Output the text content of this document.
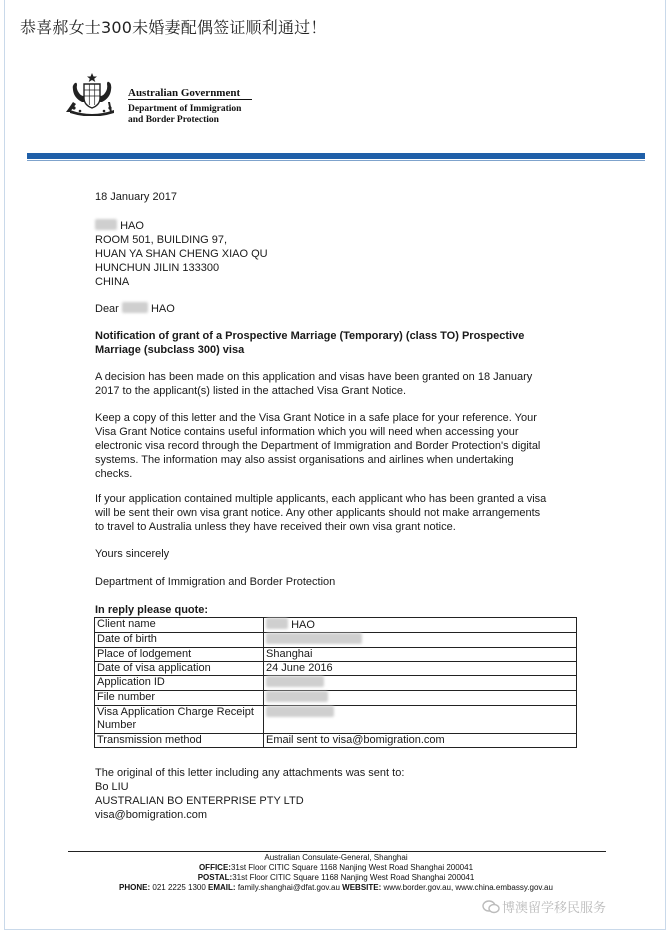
恭喜郝女士300未婚妻配偶签证顺利通过！
Australian Government
Department of Immigration
and Border Protection
18 January 2017
HAO
ROOM 501, BUILDING 97,
HUAN YA SHAN CHENG XIAO QU
HUNCHUN JILIN 133300
CHINA
Dear	HAO
Notification of grant of a Prospective Marriage (Temporary) (class TO) Prospective
Marriage (subclass 300) visa
A decision has been made on this application and visas have been granted on 18 January
2017 to the applicant(s) listed in the attached Visa Grant Notice.
Keep a copy of this letter and the Visa Grant Notice in a safe place for your reference. Your
Visa Grant Notice contains useful information which you will need when accessing your
electronic visa record through the Department of Immigration and Border Protection's digital
systems. The information may also assist organisations and airlines when undertaking
checks.
If your application contained multiple applicants, each applicant who has been granted a visa
will be sent their own visa grant notice. Any other applicants should not make arrangements
to travel to Australia unless they have received their own visa grant notice.
Yours sincerely
Department of Immigration and Border Protection
In reply please quote:
Client name	HAO
Date of birth	
Place of lodgement	Shanghai
Date of visa application	24 June 2016
Application ID	
File number	
Visa Application Charge Receipt Number	
Transmission method	Email sent to visa@bomigration.com
The original of this letter including any attachments was sent to:
Bo LIU
AUSTRALIAN BO ENTERPRISE PTY LTD
visa@bomigration.com
Australian Consulate-General, Shanghai
OFFICE:31st Floor CITIC Square 1168 Nanjing West Road Shanghai 200041
POSTAL:31st Floor CITIC Square 1168 Nanjing West Road Shanghai 200041
PHONE: 021 2225 1300 EMAIL: family.shanghai@dfat.gov.au WEBSITE: www.border.gov.au, www.china.embassy.gov.au
博澳留学移民服务
